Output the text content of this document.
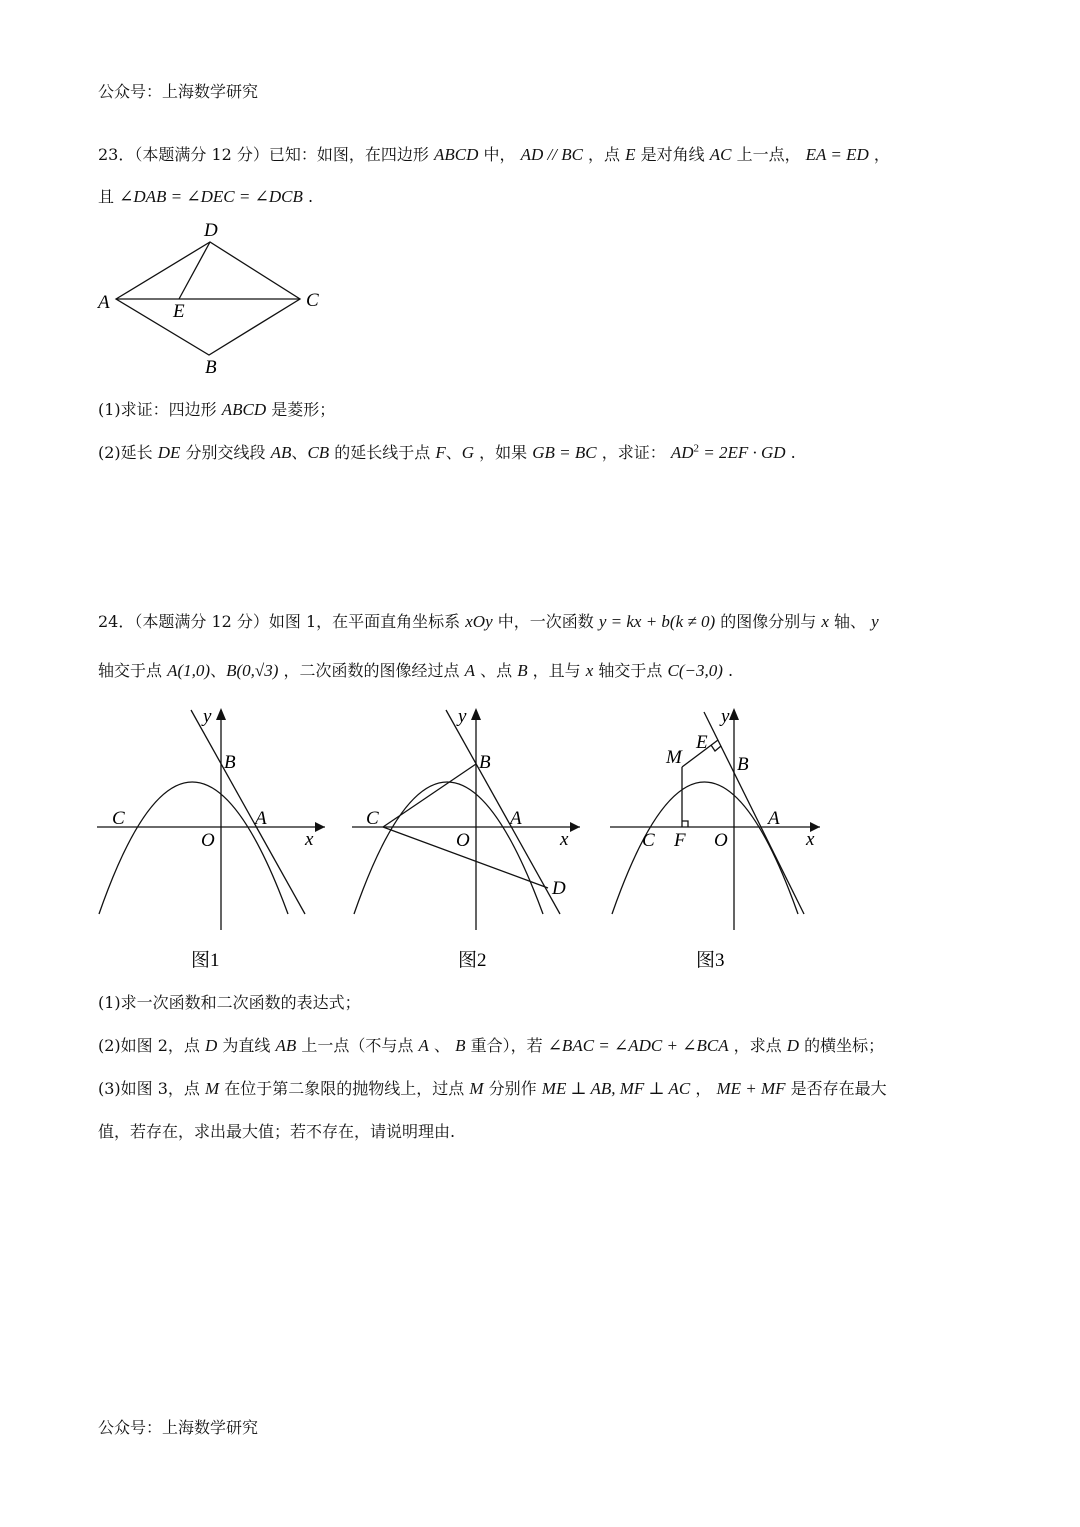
公众号：上海数学研究
23．（本题满分 12 分）已知：如图，在四边形 ABCD 中， AD // BC ，点 E 是对角线 AC 上一点， EA = ED ，
且 ∠DAB = ∠DEC = ∠DCB .
A
D
C
B
E
(1)求证：四边形 ABCD 是菱形；
(2)延长 DE 分别交线段 AB、CB 的延长线于点 F、G ，如果 GB = BC ，求证： $AD^2 = 2EF$ · GD .
24．（本题满分 12 分）如图 1，在平面直角坐标系 xOy 中，一次函数 y = kx + b(k ≠ 0) 的图像分别与 x 轴、 y
轴交于点 A(1,0)、B(0,√3) ，二次函数的图像经过点 A 、点 B ，且与 x 轴交于点 C(−3,0) .
y
x
O
A
B
C
图1
y
x
O
A
B
C
D
图2
y
x
O
A
B
C
M
E
F
图3
(1)求一次函数和二次函数的表达式；
(2)如图 2，点 D 为直线 AB 上一点（不与点 A 、 B 重合），若 ∠BAC = ∠ADC + ∠BCA ，求点 D 的横坐标；
(3)如图 3，点 M 在位于第二象限的抛物线上，过点 M 分别作 ME ⊥ AB, MF ⊥ AC ， ME + MF 是否存在最大
值，若存在，求出最大值；若不存在，请说明理由.
公众号：上海数学研究
